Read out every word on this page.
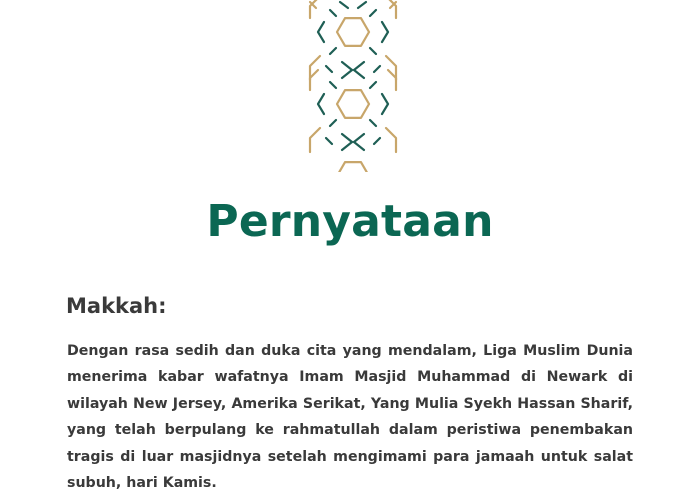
Pernyataan
Makkah:

Dengan rasa sedih dan duka cita yang mendalam, Liga Muslim Dunia menerima kabar wafatnya Imam Masjid Muhammad di Newark di wilayah New Jersey, Amerika Serikat, Yang Mulia Syekh Hassan Sharif, yang telah berpulang ke rahmatullah dalam peristiwa penembakan tragis di luar masjidnya setelah mengimami para jamaah untuk salat subuh, hari Kamis.
